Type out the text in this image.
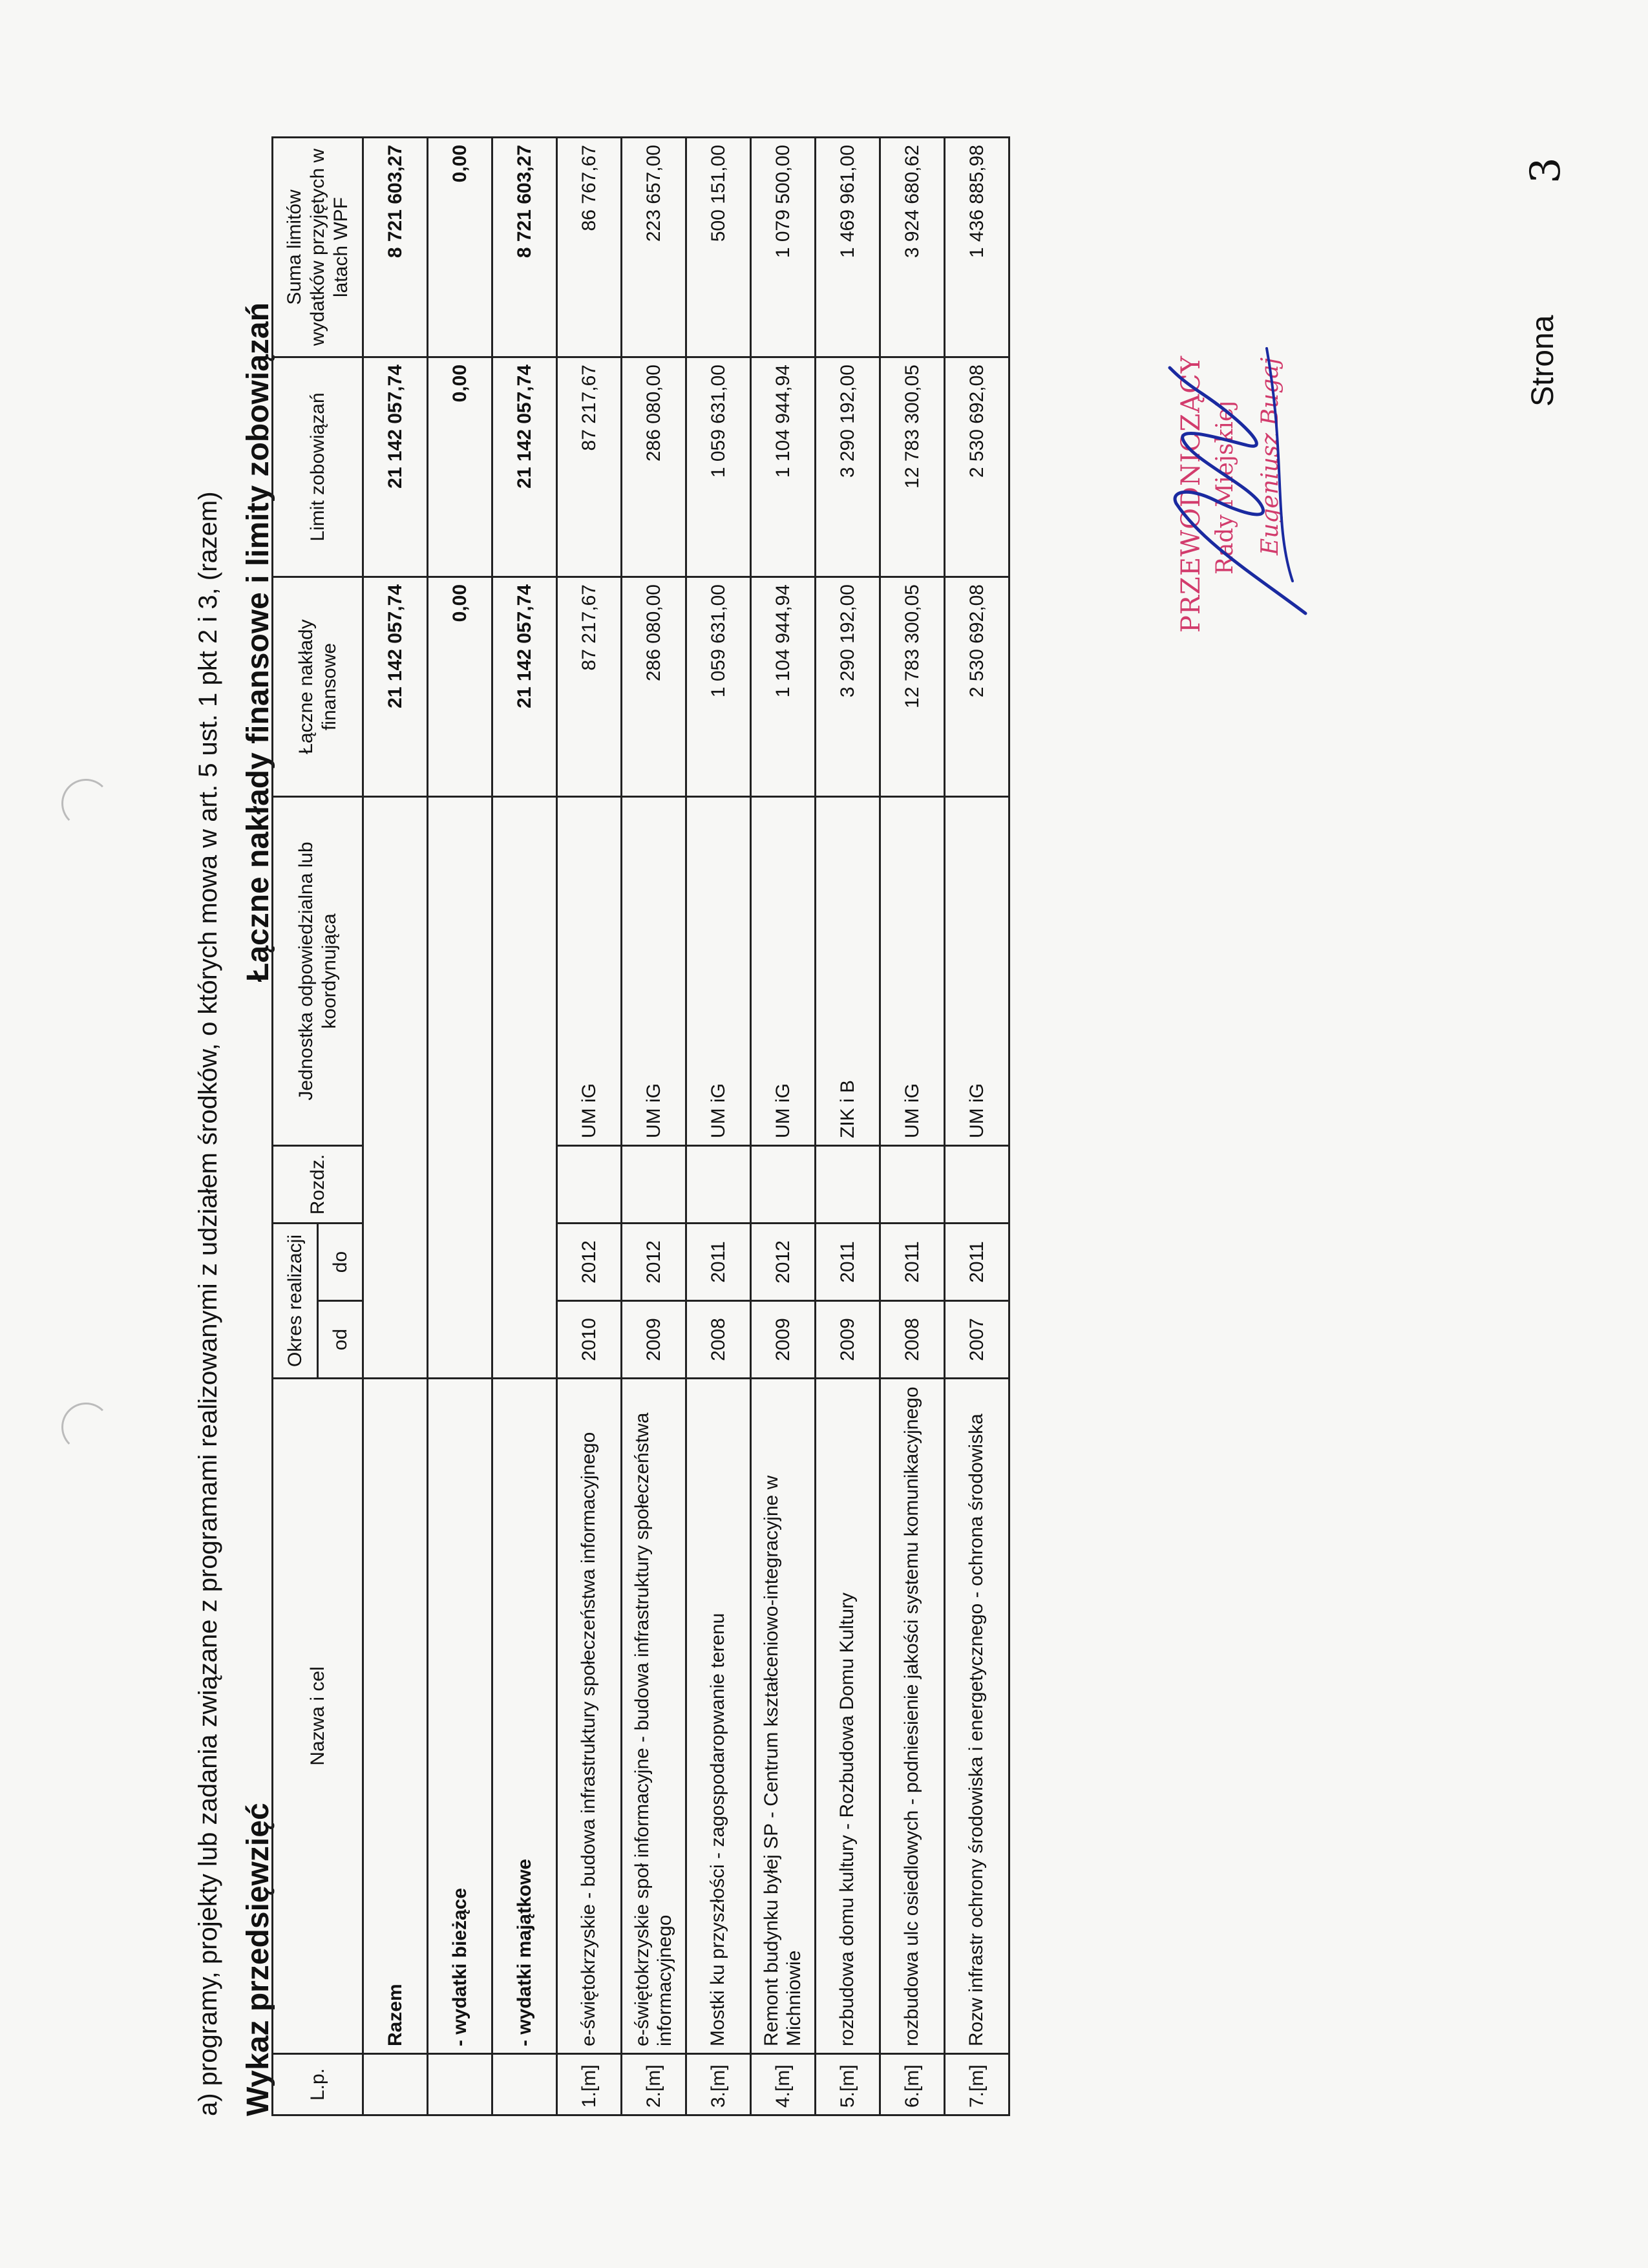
a) programy, projekty lub zadania związane z programami realizowanymi z udziałem środków, o których mowa w art. 5 ust. 1 pkt 2 i 3, (razem) Wykaz przedsięwzięć
Łączne nakłady finansowe i limity zobowiązań
L.p.	Nazwa i cel	Okres realizacji		Rozdz.	Jednostka odpowiedzialna lub koordynująca	Łączne nakłady finansowe	Limit zobowiązań	Suma limitów wydatków przyjętych w latach WPF
		od	do					
	Razem					21 142 057,74	21 142 057,74	8 721 603,27
	- wydatki bieżące					0,00	0,00	0,00
	- wydatki majątkowe					21 142 057,74	21 142 057,74	8 721 603,27
1.[m]	e-świętokrzyskie - budowa infrastruktury społeczeństwa informacyjnego	2010	2012		UM iG	87 217,67	87 217,67	86 767,67
2.[m]	e-świętokrzyskie społ informacyjne - budowa infrastruktury społeczeństwa informacyjnego	2009	2012		UM iG	286 080,00	286 080,00	223 657,00
3.[m]	Mostki ku przyszłości - zagospodaropwanie terenu	2008	2011		UM iG	1 059 631,00	1 059 631,00	500 151,00
4.[m]	Remont budynku byłej SP - Centrum kształceniowo-integracyjne w Michniowie	2009	2012		UM iG	1 104 944,94	1 104 944,94	1 079 500,00
5.[m]	rozbudowa domu kultury - Rozbudowa Domu Kultury	2009	2011		ZIK i B	3 290 192,00	3 290 192,00	1 469 961,00
6.[m]	rozbudowa ulc osiedlowych - podniesienie jakości systemu komunikacyjnego	2008	2011		UM iG	12 783 300,05	12 783 300,05	3 924 680,62
7.[m]	Rozw infrastr ochrony środowiska i energetycznego - ochrona środowiska	2007	2011		UM iG	2 530 692,08	2 530 692,08	1 436 885,98
PRZEWODNICZĄCY Rady Miejskiej Eugeniusz Bugaj	Strona
3
